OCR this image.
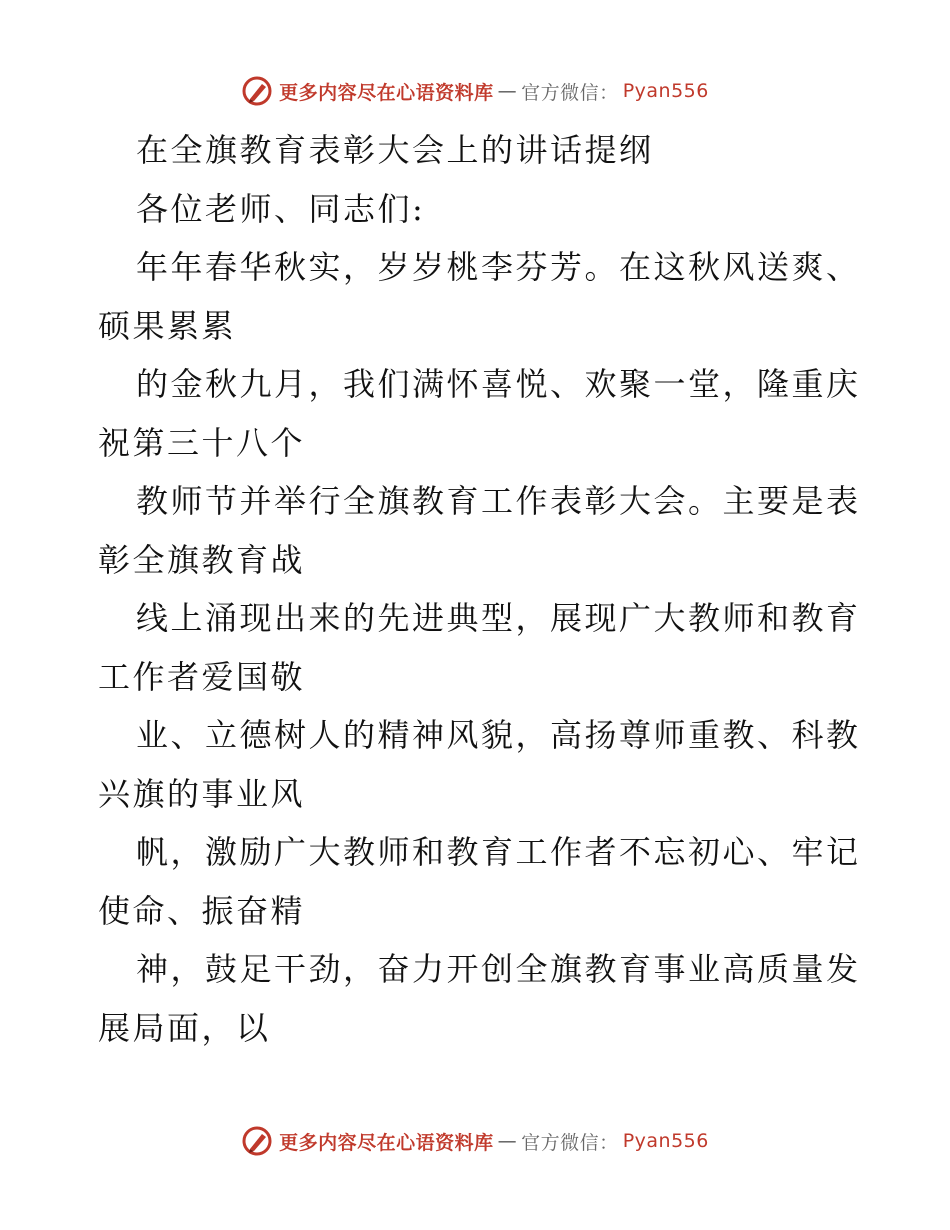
更多内容尽在心语资料库 — 官方微信： Pyan556
在全旗教育表彰大会上的讲话提纲
各位老师、同志们:
年年春华秋实，岁岁桃李芬芳。在这秋风送爽、
硕果累累
的金秋九月，我们满怀喜悦、欢聚一堂，隆重庆
祝第三十八个
教师节并举行全旗教育工作表彰大会。主要是表
彰全旗教育战
线上涌现出来的先进典型，展现广大教师和教育
工作者爱国敬
业、立德树人的精神风貌，高扬尊师重教、科教
兴旗的事业风
帆，激励广大教师和教育工作者不忘初心、牢记
使命、振奋精
神，鼓足干劲，奋力开创全旗教育事业高质量发
展局面，以
更多内容尽在心语资料库 — 官方微信： Pyan556
